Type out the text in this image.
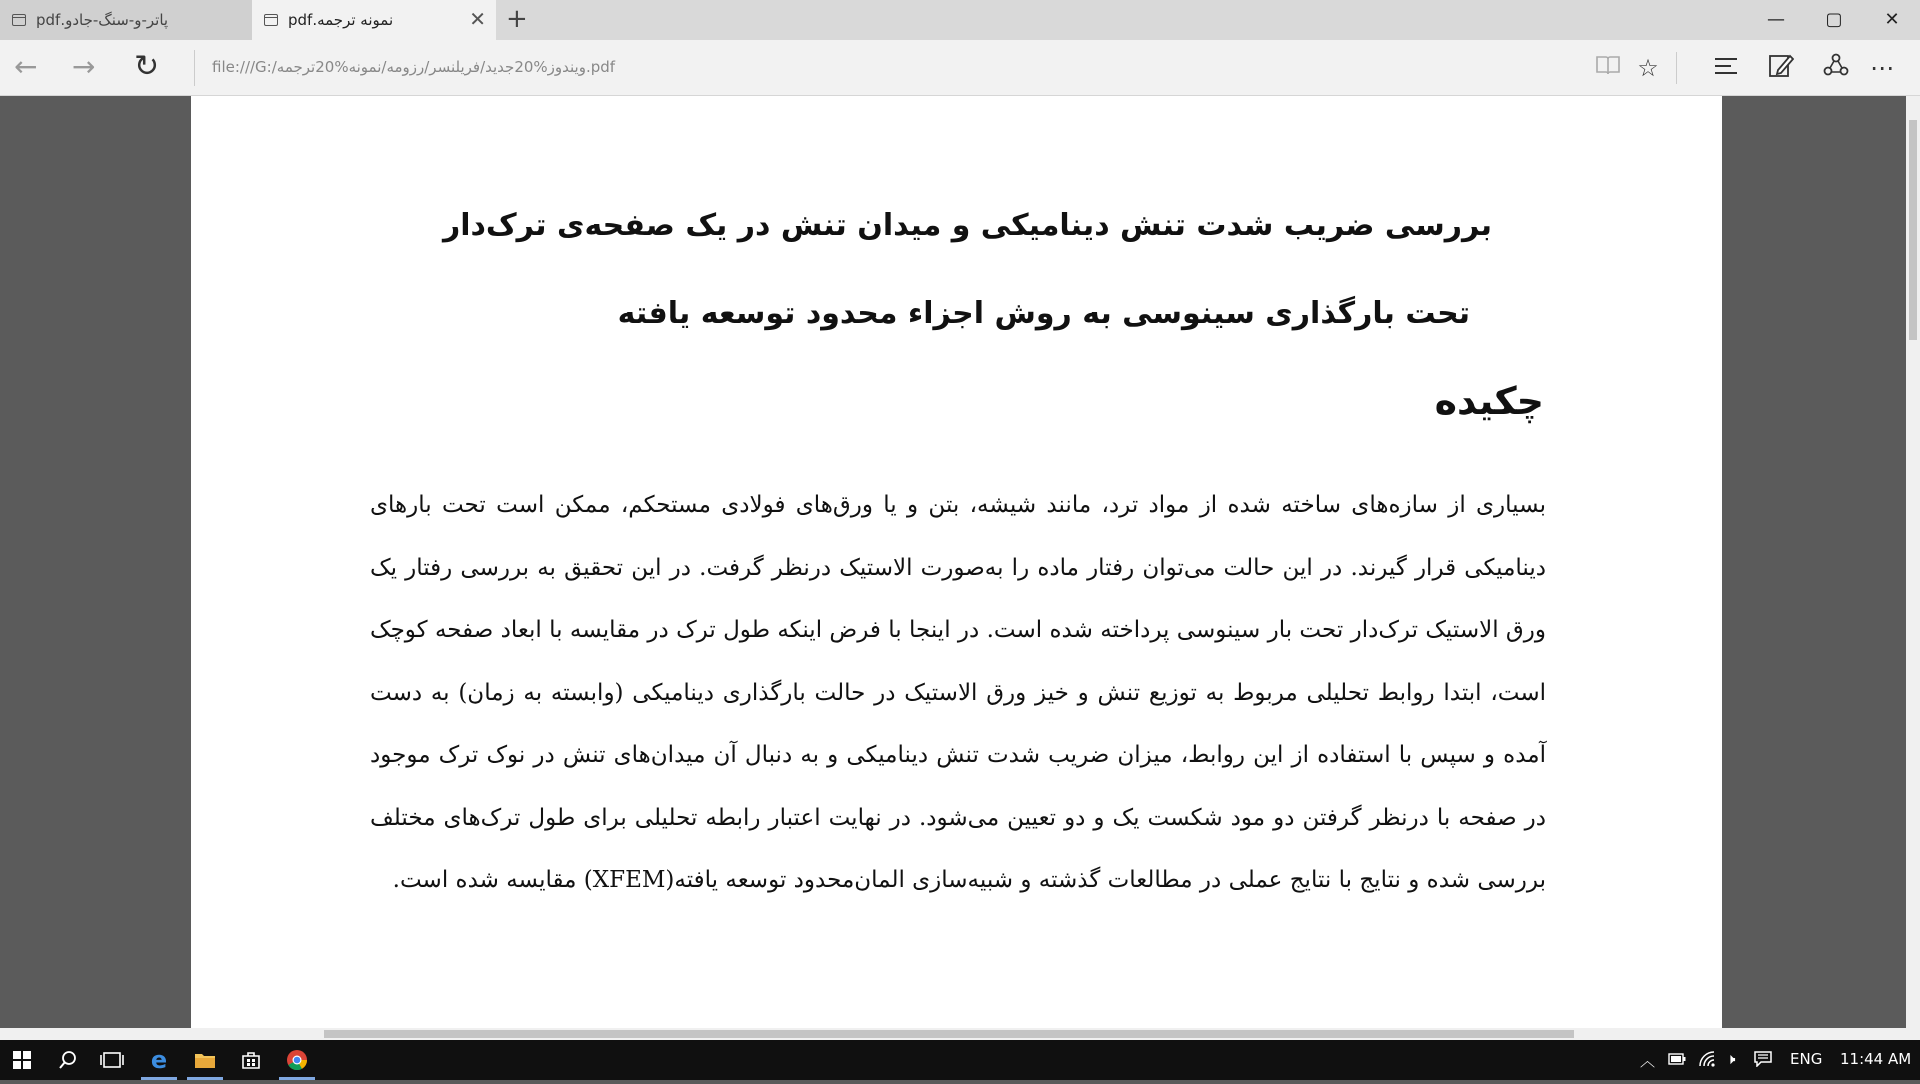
پاتر-و-سنگ-جادو.pdf	نمونه ترجمه.pdf	✕ +	—	▢	✕
← → ↻	file:///G:/ویندوز%20جدید/فریلنسر/رزومه/نمونه%20ترجمه.pdf	☆	⋯
بررسی ضریب شدت تنش دینامیکی و میدان تنش در یک صفحه‌ی ترک‌دار
تحت بارگذاری سینوسی به روش اجزاء محدود توسعه یافته
چکیده
بسیاری از سازه‌های ساخته شده از مواد ترد، مانند شیشه، بتن و یا ورق‌های فولادی مستحکم، ممکن است تحت بارهای دینامیکی قرار گیرند. در این حالت می‌توان رفتار ماده را به‌صورت الاستیک درنظر گرفت. در این تحقیق به بررسی رفتار یک ورق الاستیک ترک‌دار تحت بار سینوسی پرداخته شده است. در اینجا با فرض اینکه طول ترک در مقایسه با ابعاد صفحه کوچک است، ابتدا روابط تحلیلی مربوط به توزیع تنش و خیز ورق الاستیک در حالت بارگذاری دینامیکی (وابسته به زمان) به دست آمده و سپس با استفاده از این روابط، میزان ضریب شدت تنش دینامیکی و به دنبال آن میدان‌های تنش در نوک ترک موجود در صفحه با درنظر گرفتن دو مود شکست یک و دو تعیین می‌شود. در نهایت اعتبار رابطه تحلیلی برای طول ترک‌های مختلف بررسی شده و نتایج با نتایج عملی در مطالعات گذشته و شبیه‌سازی المان‌محدود توسعه یافته(XFEM) مقایسه شده است.
e	︿	🕨	ENG 11:44 AM
